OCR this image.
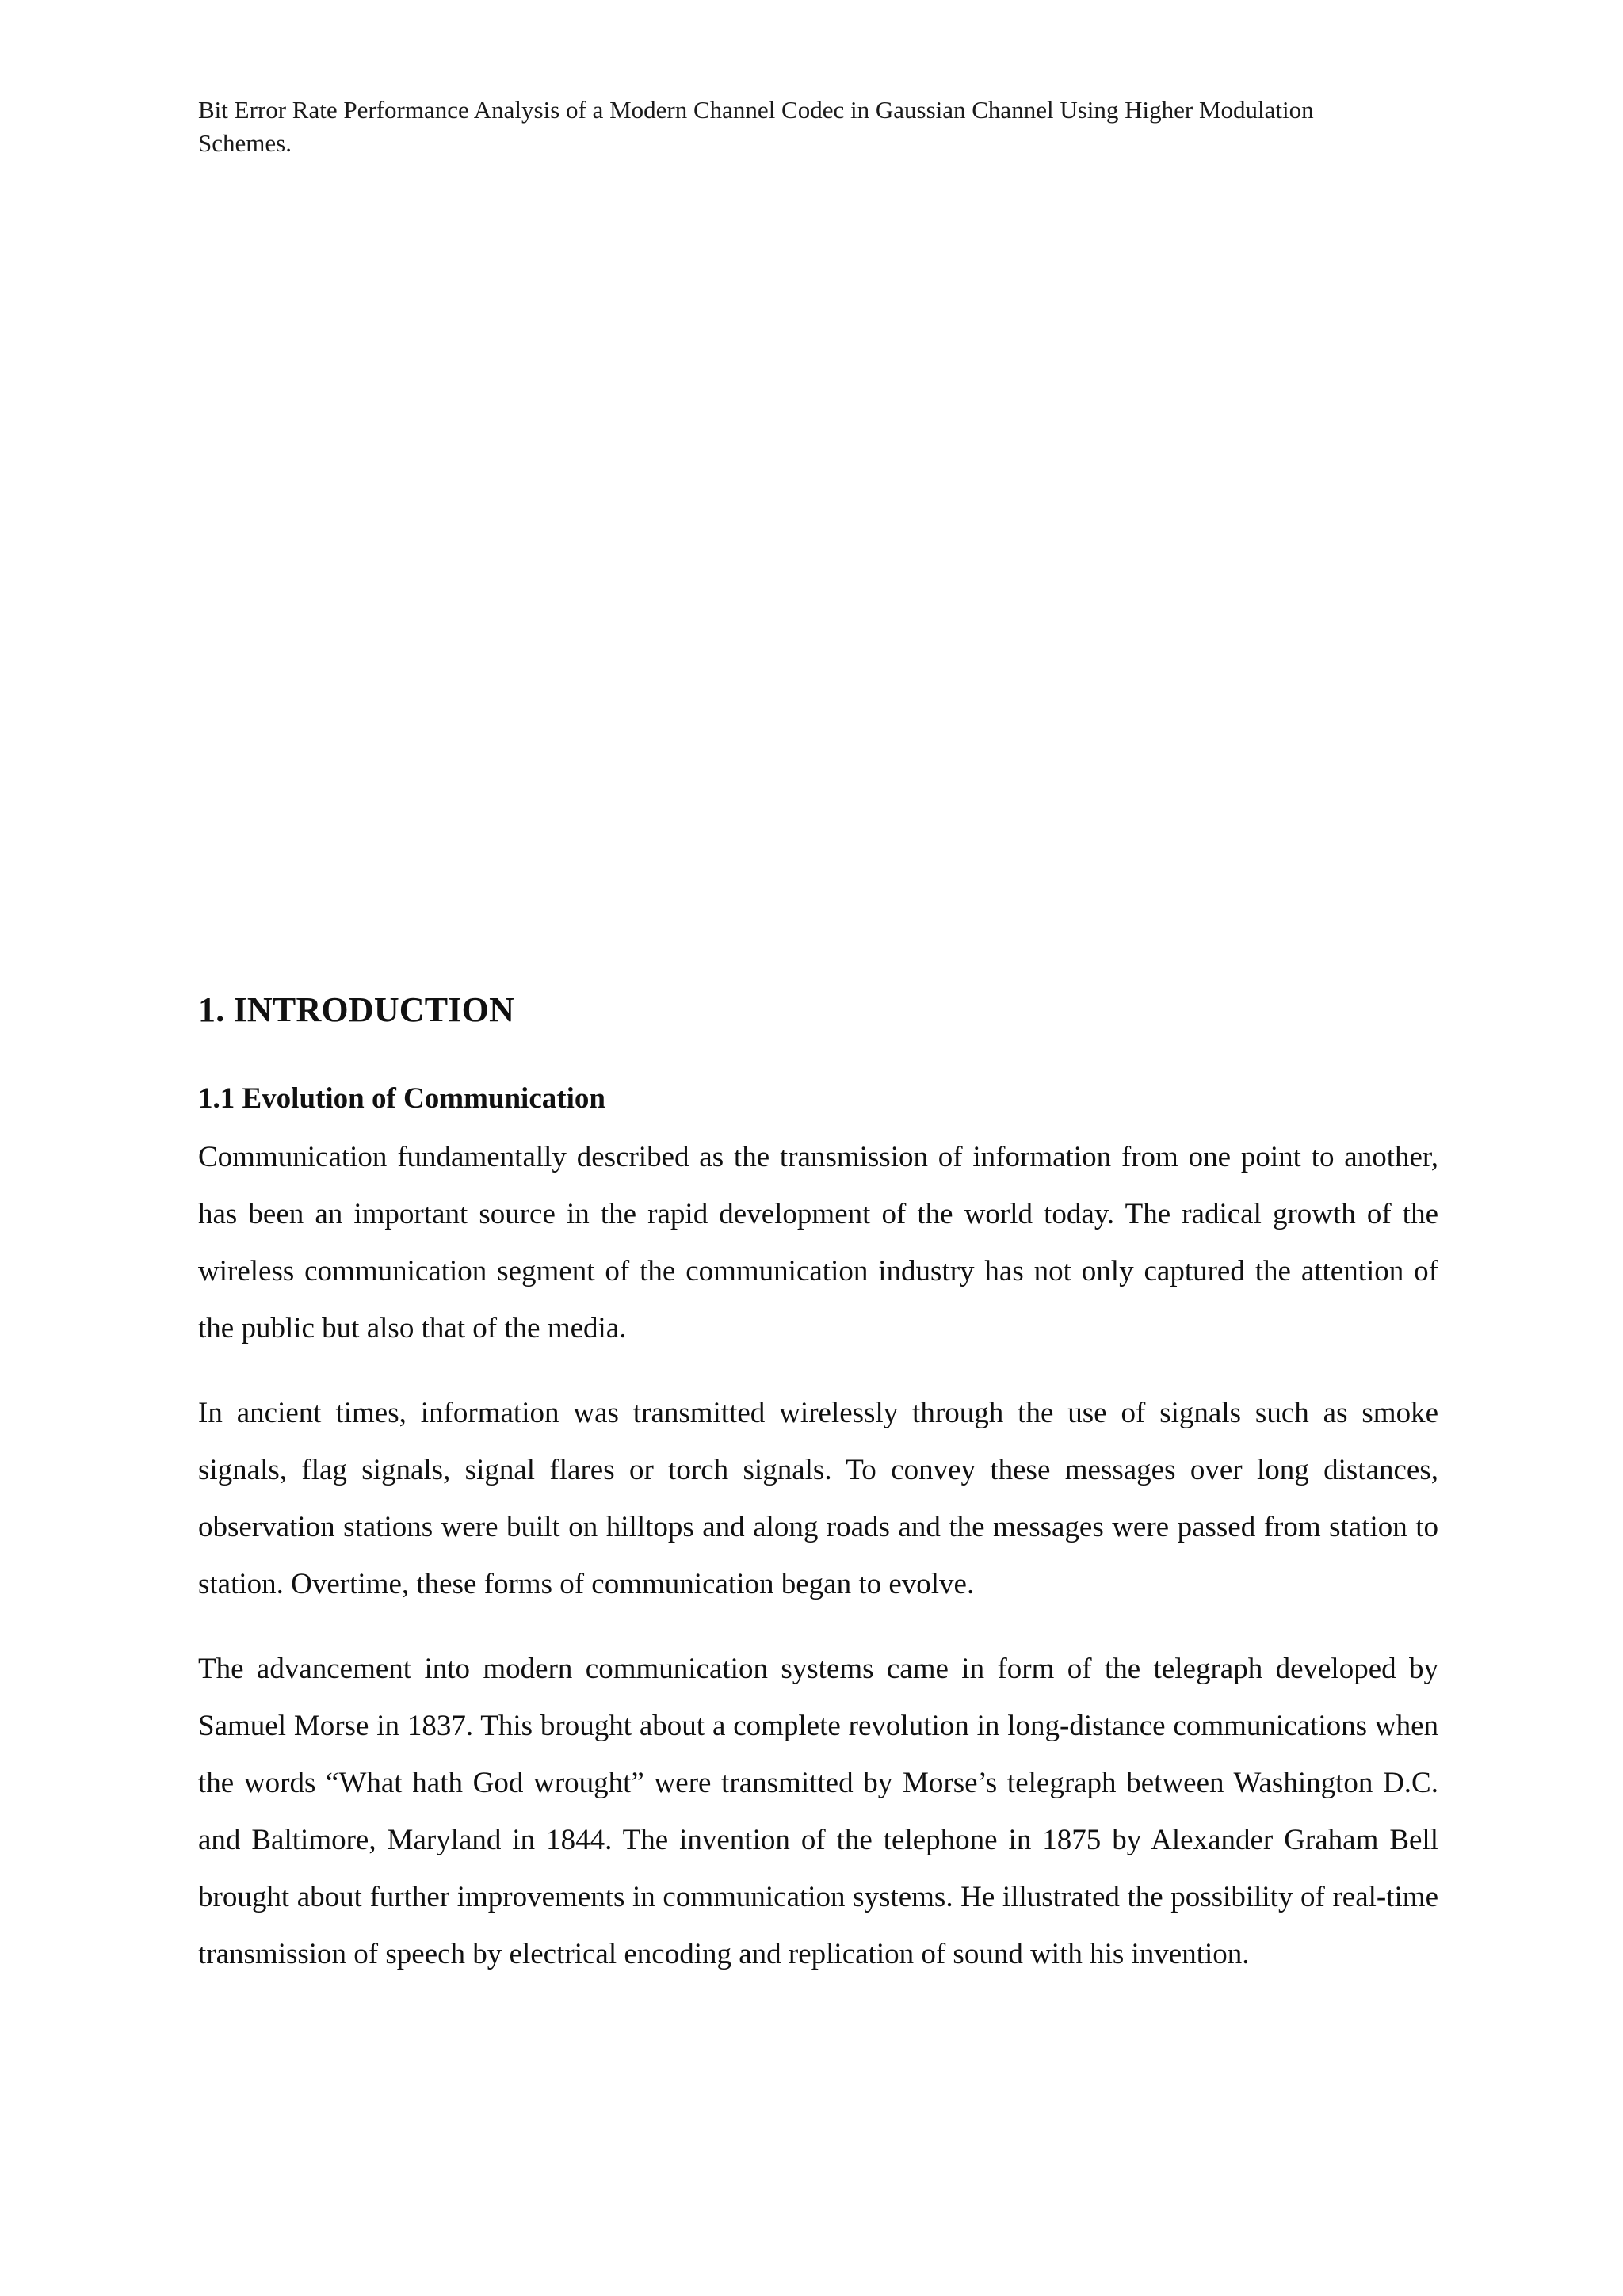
Bit Error Rate Performance Analysis of a Modern Channel Codec in Gaussian Channel Using Higher Modulation Schemes.
1. INTRODUCTION
1.1 Evolution of Communication

Communication fundamentally described as the transmission of information from one point to another, has been an important source in the rapid development of the world today. The radical growth of the wireless communication segment of the communication industry has not only captured the attention of the public but also that of the media.

In ancient times, information was transmitted wirelessly through the use of signals such as smoke signals, flag signals, signal flares or torch signals. To convey these messages over long distances, observation stations were built on hilltops and along roads and the messages were passed from station to station. Overtime, these forms of communication began to evolve.

The advancement into modern communication systems came in form of the telegraph developed by Samuel Morse in 1837. This brought about a complete revolution in long-distance communications when the words “What hath God wrought” were transmitted by Morse’s telegraph between Washington D.C. and Baltimore, Maryland in 1844. The invention of the telephone in 1875 by Alexander Graham Bell brought about further improvements in communication systems. He illustrated the possibility of real-time transmission of speech by electrical encoding and replication of sound with his invention.
